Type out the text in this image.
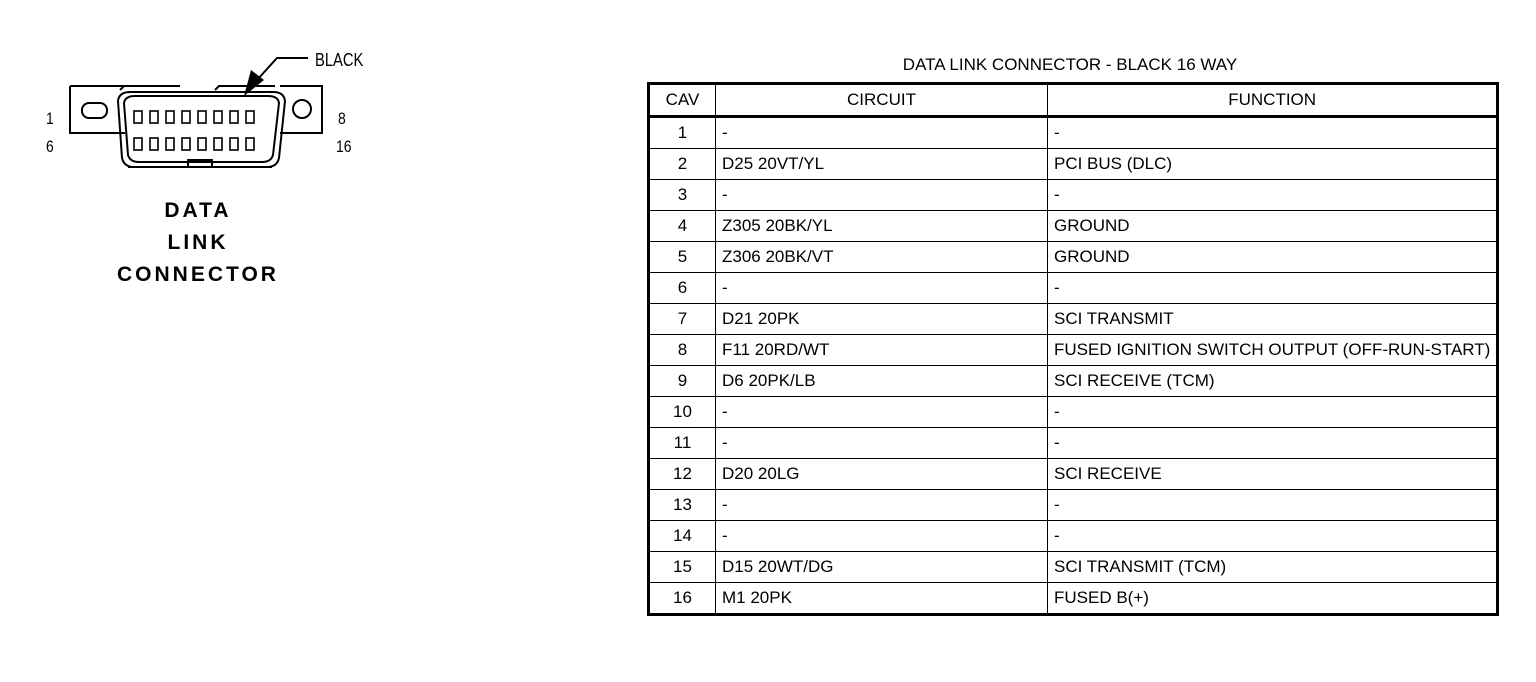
1
6
8
16
BLACK
DATA
LINK
CONNECTOR
DATA LINK CONNECTOR - BLACK 16 WAY
CAV	CIRCUIT	FUNCTION
1	-	-
2	D25 20VT/YL	PCI BUS (DLC)
3	-	-
4	Z305 20BK/YL	GROUND
5	Z306 20BK/VT	GROUND
6	-	-
7	D21 20PK	SCI TRANSMIT
8	F11 20RD/WT	FUSED IGNITION SWITCH OUTPUT (OFF-RUN-START)
9	D6 20PK/LB	SCI RECEIVE (TCM)
10	-	-
11	-	-
12	D20 20LG	SCI RECEIVE
13	-	-
14	-	-
15	D15 20WT/DG	SCI TRANSMIT (TCM)
16	M1 20PK	FUSED B(+)
